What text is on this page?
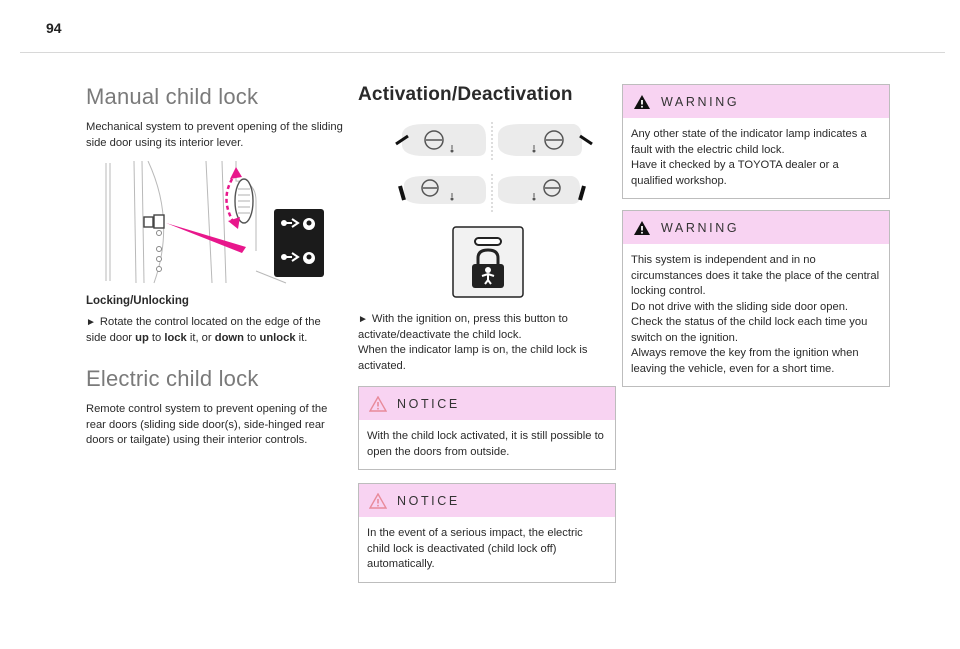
94
Manual child lock

Mechanical system to prevent opening of the sliding side door using its interior lever.

Locking/Unlocking

► Rotate the control located on the edge of the side door up to lock it, or down to unlock it.

Electric child lock

Remote control system to prevent opening of the rear doors (sliding side door(s), side-hinged rear doors or tailgate) using their interior controls.

Activation/Deactivation

► With the ignition on, press this button to activate/deactivate the child lock.
When the indicator lamp is on, the child lock is activated.

NOTICE
With the child lock activated, it is still possible to open the doors from outside.
NOTICE
In the event of a serious impact, the electric child lock is deactivated (child lock off) automatically.
WARNING
Any other state of the indicator lamp indicates a fault with the electric child lock.
Have it checked by a TOYOTA dealer or a qualified workshop.
WARNING
This system is independent and in no circumstances does it take the place of the central locking control.
Do not drive with the sliding side door open.
Check the status of the child lock each time you switch on the ignition.
Always remove the key from the ignition when leaving the vehicle, even for a short time.
